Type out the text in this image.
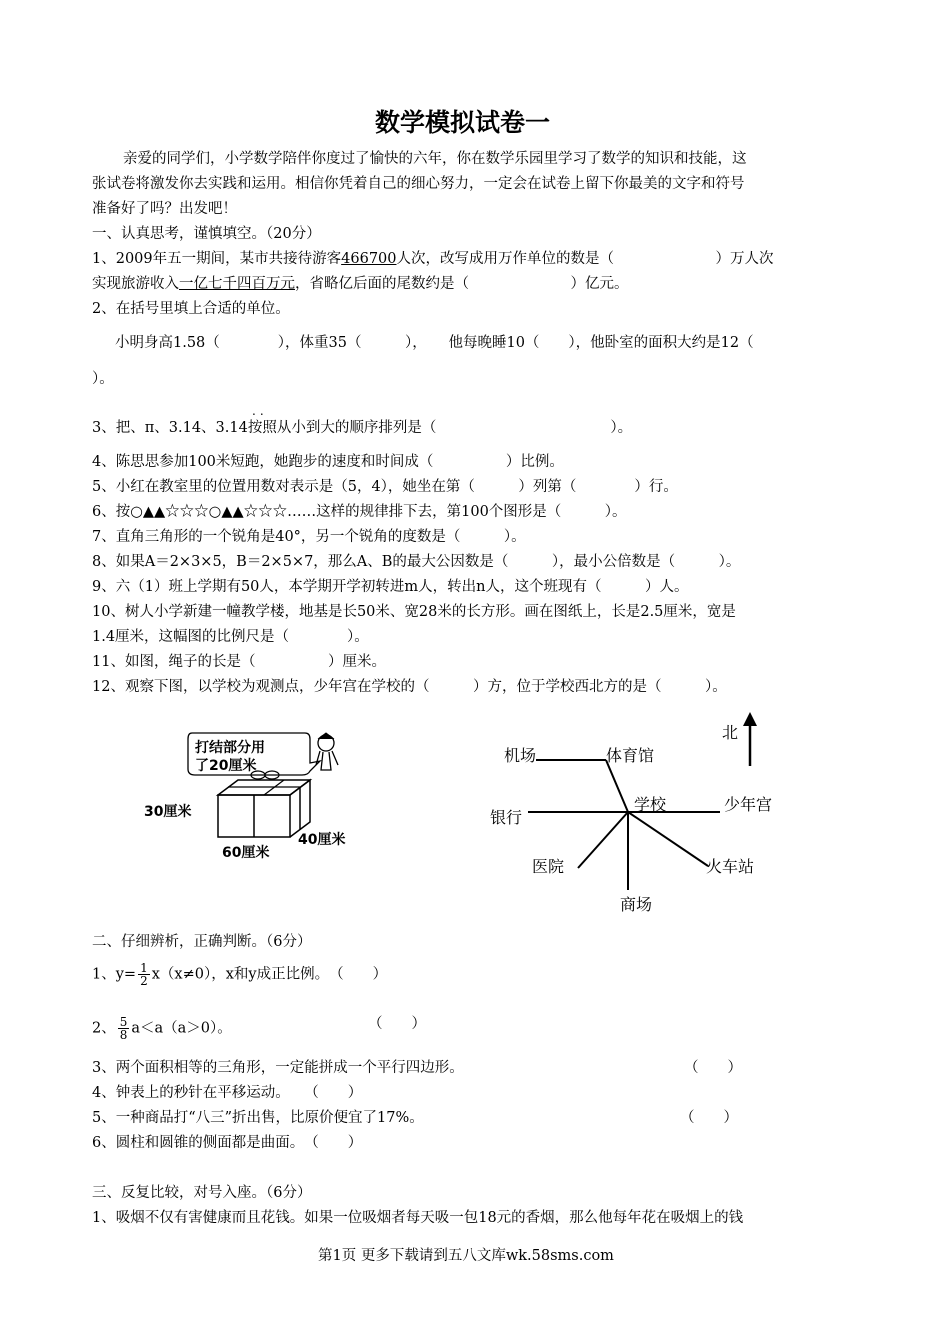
数学模拟试卷一
亲爱的同学们，小学数学陪伴你度过了愉快的六年，你在数学乐园里学习了数学的知识和技能，这
张试卷将激发你去实践和运用。相信你凭着自己的细心努力，一定会在试卷上留下你最美的文字和符号
准备好了吗？出发吧！
一、认真思考，谨慎填空。（20分）
1、2009年五一期间，某市共接待游客466700人次，改写成用万作单位的数是（　　　　　　　）万人次
实现旅游收入一亿七千四百万元，省略亿后面的尾数约是（　　　　　　　）亿元。
2、在括号里填上合适的单位。
小明身高1.58（　　　　），体重35（　　　），　　他每晚睡10（　　），他卧室的面积大约是12（
）。
..
3、把、π、3.14、3.14按照从小到大的顺序排列是（　　　　　　　　　　　　）。
4、陈思思参加100米短跑，她跑步的速度和时间成（　　　　　）比例。
5、小红在教室里的位置用数对表示是（5，4），她坐在第（　　　）列第（　　　　）行。
6、按○▲▲☆☆☆○▲▲☆☆☆……这样的规律排下去，第100个图形是（　　　）。
7、直角三角形的一个锐角是40°，另一个锐角的度数是（　　　）。
8、如果A＝2×3×5，B＝2×5×7，那么A、B的最大公因数是（　　　），最小公倍数是（　　　）。
9、六（1）班上学期有50人，本学期开学初转进m人，转出n人，这个班现有（　　　）人。
10、树人小学新建一幢教学楼，地基是长50米、宽28米的长方形。画在图纸上，长是2.5厘米，宽是
1.4厘米，这幅图的比例尺是（　　　　）。
11、如图，绳子的长是（　　　　　）厘米。
12、观察下图，以学校为观测点，少年宫在学校的（　　　）方，位于学校西北方的是（　　　）。
打结部分用
了20厘米
30厘米
60厘米
40厘米
北
机场	体育馆
银行
学校	少年宫
医院	火车站
商场
二、仔细辨析，正确判断。（6分）
1、$y= \frac{1}{2} x(x\ne 0)$，x和y成正比例。　（　　）
2、 $\frac{5}{8} a<a(a>0)$。	（　　）
3、两个面积相等的三角形，一定能拼成一个平行四边形。	（　　）
4、钟表上的秒针在平移运动。　　（　　）
5、一种商品打“八三”折出售，比原价便宜了17%。	（　　）
6、圆柱和圆锥的侧面都是曲面。　（　　）
三、反复比较，对号入座。（6分）
1、吸烟不仅有害健康而且花钱。如果一位吸烟者每天吸一包18元的香烟，那么他每年花在吸烟上的钱
第1页 更多下载请到五八文库wk.58sms.com
